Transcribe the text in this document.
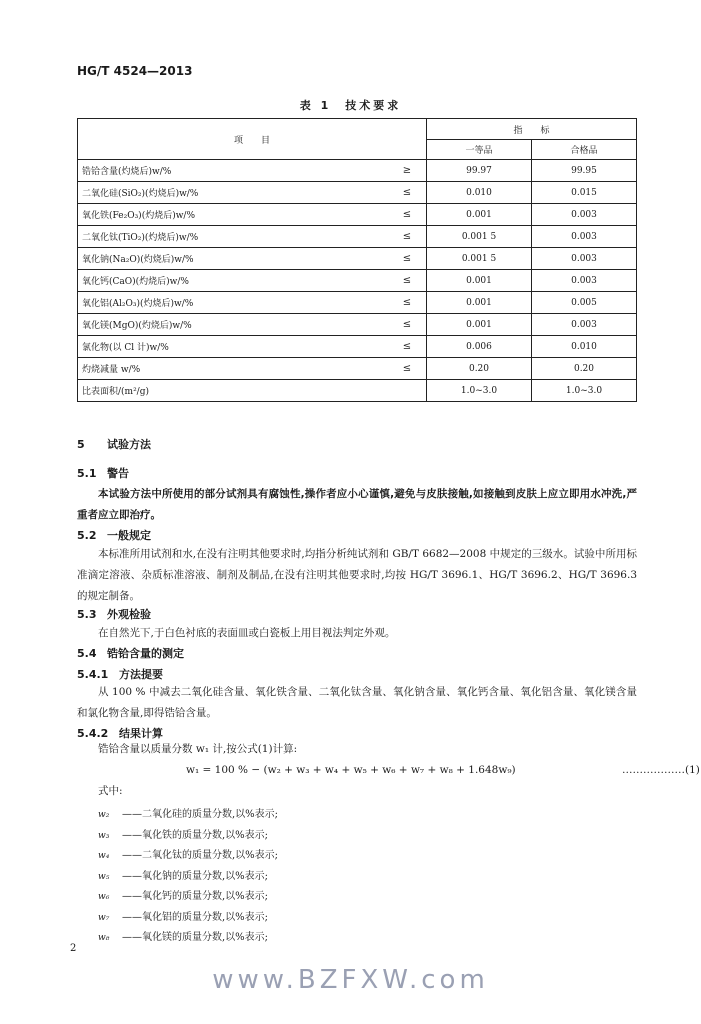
HG/T 4524—2013
表 1　技术要求
项　　目		指　　标	
		一等品	合格品
锆铪含量(灼烧后)w/%	≥	99.97	99.95
二氧化硅(SiO₂)(灼烧后)w/%	≤	0.010	0.015
氧化铁(Fe₂O₃)(灼烧后)w/%	≤	0.001	0.003
二氧化钛(TiO₂)(灼烧后)w/%	≤	0.001 5	0.003
氧化钠(Na₂O)(灼烧后)w/%	≤	0.001 5	0.003
氧化钙(CaO)(灼烧后)w/%	≤	0.001	0.003
氧化铝(Al₂O₃)(灼烧后)w/%	≤	0.001	0.005
氧化镁(MgO)(灼烧后)w/%	≤	0.001	0.003
氯化物(以 Cl 计)w/%	≤	0.006	0.010
灼烧减量 w/%	≤	0.20	0.20
比表面积/(m²/g)		1.0~3.0	1.0~3.0
5 试验方法
5.1 警告
本试验方法中所使用的部分试剂具有腐蚀性,操作者应小心谨慎,避免与皮肤接触,如接触到皮肤上应立即用水冲洗,严重者应立即治疗。
5.2 一般规定
本标准所用试剂和水,在没有注明其他要求时,均指分析纯试剂和 GB/T 6682—2008 中规定的三级水。试验中所用标准滴定溶液、杂质标准溶液、制剂及制品,在没有注明其他要求时,均按 HG/T 3696.1、HG/T 3696.2、HG/T 3696.3 的规定制备。
5.3 外观检验
在自然光下,于白色衬底的表面皿或白瓷板上用目视法判定外观。
5.4 锆铪含量的测定
5.4.1 方法提要
从 100 % 中减去二氧化硅含量、氧化铁含量、二氧化钛含量、氧化钠含量、氧化钙含量、氧化铝含量、氧化镁含量和氯化物含量,即得锆铪含量。
5.4.2 结果计算
锆铪含量以质量分数 w₁ 计,按公式(1)计算:
w₁ = 100 % − (w₂ + w₃ + w₄ + w₅ + w₆ + w₇ + w₈ + 1.648w₉)	………………(1)
式中:
w₂ ——二氧化硅的质量分数,以%表示;
w₃ ——氧化铁的质量分数,以%表示;
w₄ ——二氧化钛的质量分数,以%表示;
w₅ ——氧化钠的质量分数,以%表示;
w₆ ——氧化钙的质量分数,以%表示;
w₇ ——氧化铝的质量分数,以%表示;
w₈ ——氧化镁的质量分数,以%表示;
2
www.BZFXW.com
